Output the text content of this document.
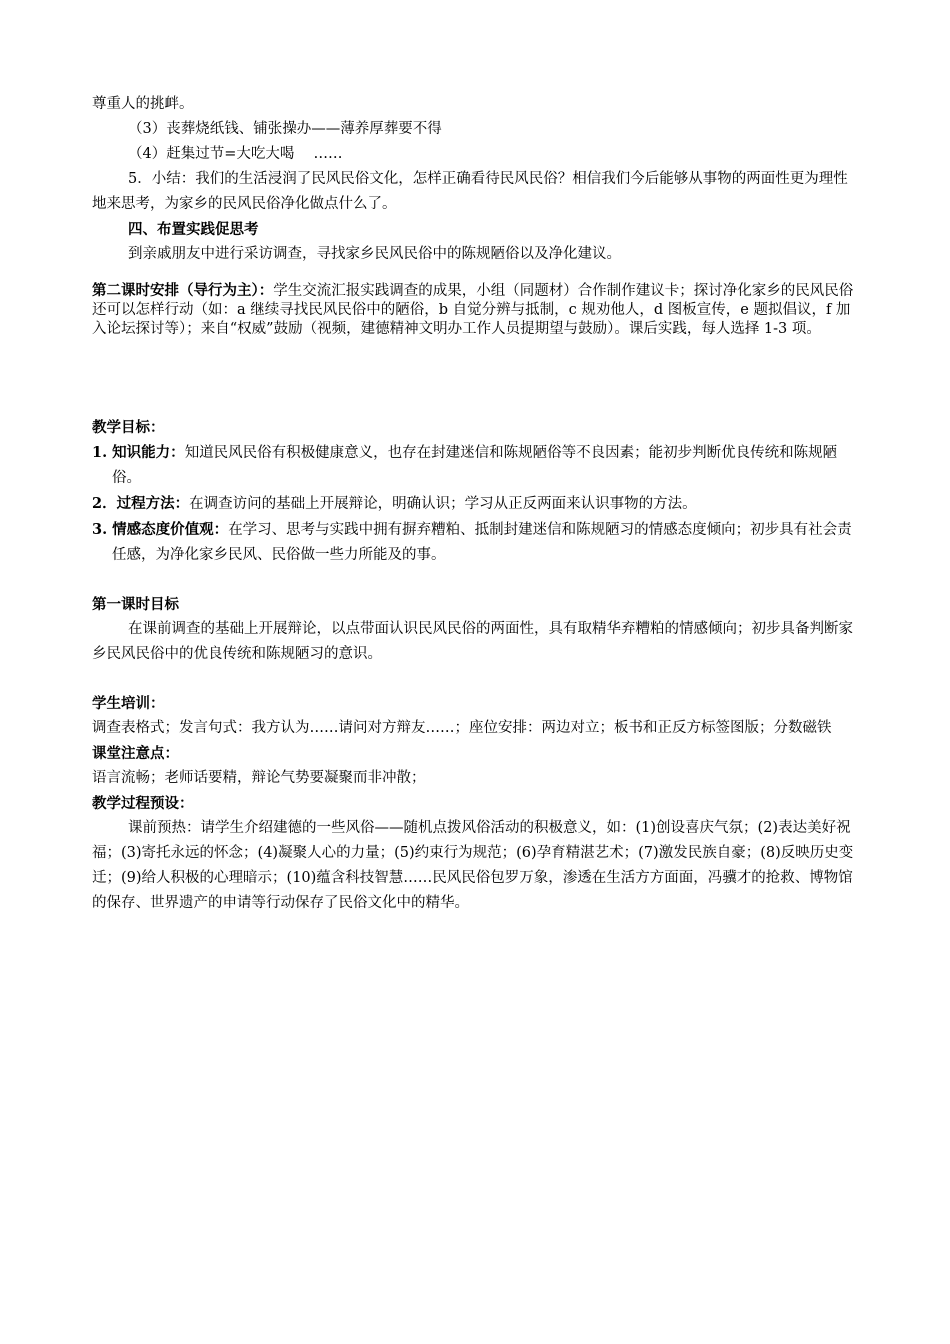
尊重人的挑衅。

（3）丧葬烧纸钱、铺张操办——薄养厚葬要不得

（4）赶集过节=大吃大喝　 ……

5．小结：我们的生活浸润了民风民俗文化，怎样正确看待民风民俗？相信我们今后能够从事物的两面性更为理性地来思考，为家乡的民风民俗净化做点什么了。

四、布置实践促思考

到亲戚朋友中进行采访调查，寻找家乡民风民俗中的陈规陋俗以及净化建议。

第二课时安排（导行为主）：学生交流汇报实践调查的成果，小组（同题材）合作制作建议卡；探讨净化家乡的民风民俗还可以怎样行动（如：a 继续寻找民风民俗中的陋俗，b 自觉分辨与抵制，c 规劝他人，d 图板宣传，e 题拟倡议，f 加入论坛探讨等）；来自“权威”鼓励（视频，建德精神文明办工作人员提期望与鼓励）。课后实践，每人选择 1-3 项。

教学目标：

1. 知识能力：知道民风民俗有积极健康意义，也存在封建迷信和陈规陋俗等不良因素；能初步判断优良传统和陈规陋俗。

2．过程方法：在调查访问的基础上开展辩论，明确认识；学习从正反两面来认识事物的方法。

3. 情感态度价值观：在学习、思考与实践中拥有摒弃糟粕、抵制封建迷信和陈规陋习的情感态度倾向；初步具有社会责任感，为净化家乡民风、民俗做一些力所能及的事。

第一课时目标

在课前调查的基础上开展辩论，以点带面认识民风民俗的两面性，具有取精华弃糟粕的情感倾向；初步具备判断家乡民风民俗中的优良传统和陈规陋习的意识。

学生培训：

调查表格式；发言句式：我方认为……请问对方辩友……；座位安排：两边对立；板书和正反方标签图版；分数磁铁

课堂注意点：

语言流畅；老师话要精，辩论气势要凝聚而非冲散；

教学过程预设：

课前预热：请学生介绍建德的一些风俗——随机点拨风俗活动的积极意义，如：(1)创设喜庆气氛；(2)表达美好祝福；(3)寄托永远的怀念；(4)凝聚人心的力量；(5)约束行为规范；(6)孕育精湛艺术；(7)激发民族自豪；(8)反映历史变迁；(9)给人积极的心理暗示；(10)蕴含科技智慧……民风民俗包罗万象，渗透在生活方方面面，冯骥才的抢救、博物馆的保存、世界遗产的申请等行动保存了民俗文化中的精华。
